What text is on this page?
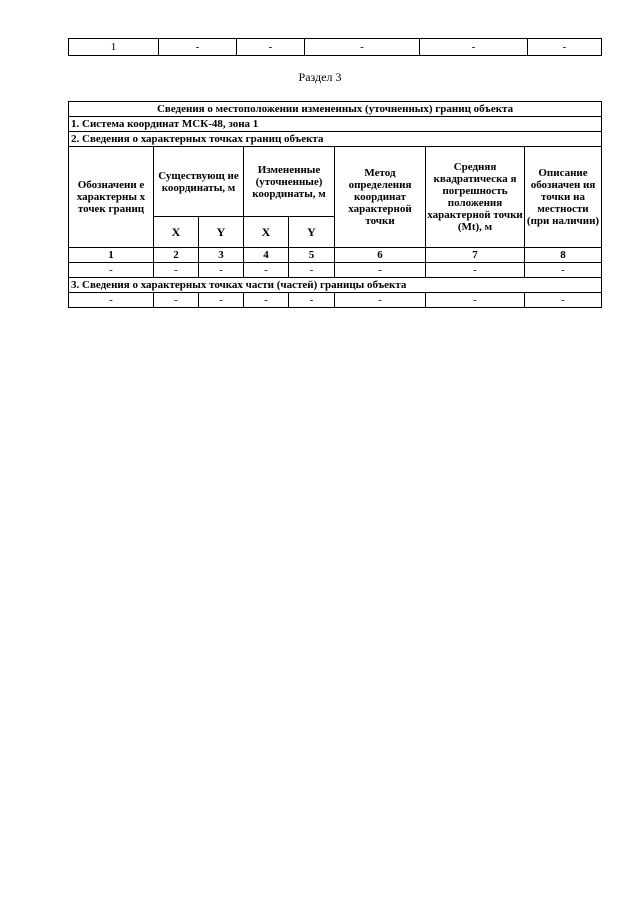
1	-	-	-	-	-
Раздел 3
Сведения о местоположении измененных (уточненных) границ объекта							
1. Система координат МСК-48, зона 1							
2. Сведения о характерных точках границ объекта							
Обозначени е характерны х точек границ	Существующ ие координаты, м		Измененные (уточненные) координаты, м		Метод определения координат характерной точки	Средняя квадратическа я погрешность положения характерной точки (Mt), м	Описание обозначен ия точки на местности (при наличии)
	X	Y	X	Y			
1	2	3	4	5	6	7	8
-	-	-	-	-	-	-	-
3. Сведения о характерных точках части (частей) границы объекта							
-	-	-	-	-	-	-	-
